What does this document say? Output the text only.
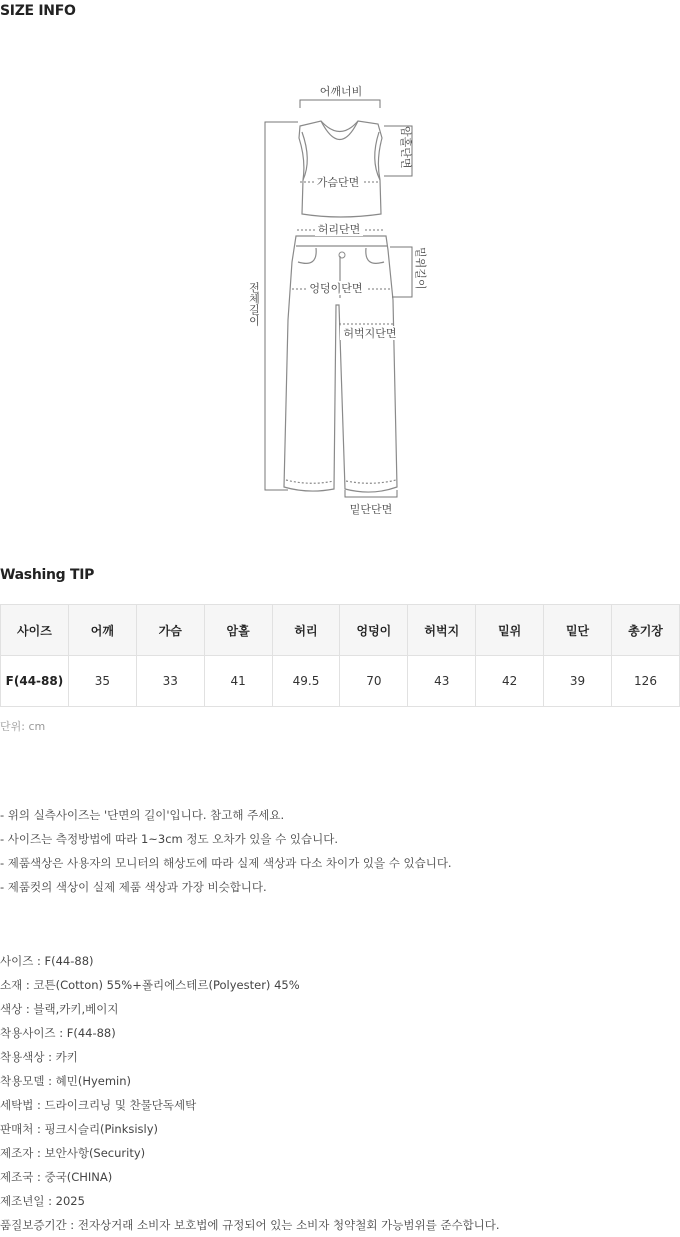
SIZE INFO
어깨너비
가슴단면
허리단면
엉덩이단면
허벅지단면
밑단단면
암홀단면
밑위길이
전체길이
Washing TIP
사이즈	어깨	가슴	암홀	허리	엉덩이	허벅지	밑위	밑단	총기장
F(44-88)	35	33	41	49.5	70	43	42	39	126
단위: cm
- 위의 실측사이즈는 '단면의 길이'입니다. 참고해 주세요.
- 사이즈는 측정방법에 따라 1~3cm 정도 오차가 있을 수 있습니다.
- 제품색상은 사용자의 모니터의 해상도에 따라 실제 색상과 다소 차이가 있을 수 있습니다.
- 제품컷의 색상이 실제 제품 색상과 가장 비슷합니다.
사이즈 : F(44-88)
소재 : 코튼(Cotton) 55%+폴리에스테르(Polyester) 45%
색상 : 블랙,카키,베이지
착용사이즈 : F(44-88)
착용색상 : 카키
착용모델 : 혜민(Hyemin)
세탁법 : 드라이크리닝 및 찬물단독세탁
판매처 : 핑크시슬리(Pinksisly)
제조자 : 보안사항(Security)
제조국 : 중국(CHINA)
제조년일 : 2025
품질보증기간 : 전자상거래 소비자 보호법에 규정되어 있는 소비자 청약철회 가능범위를 준수합니다.
